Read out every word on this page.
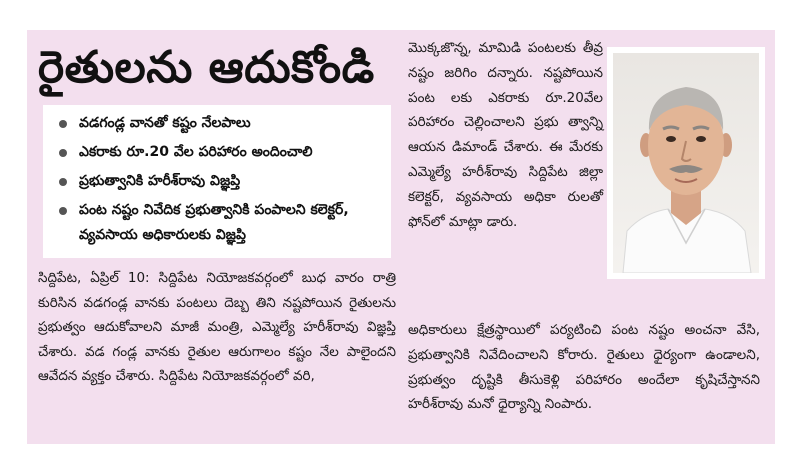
రైతులను ఆదుకోండి
వడగండ్ల వానతో కష్టం నేలపాలు
ఎకరాకు రూ.20 వేల పరిహారం అందించాలి
ప్రభుత్వానికి హరీశ్‌రావు విజ్ఞప్తి
పంట నష్టం నివేదిక ప్రభుత్వానికి పంపాలని కలెక్టర్, వ్యవసాయ అధికారులకు విజ్ఞప్తి
సిద్దిపేట, ఏప్రిల్ 10: సిద్దిపేట నియోజకవర్గంలో బుధ వారం రాత్రి కురిసిన వడగండ్ల వానకు పంటలు దెబ్బ తిని నష్టపోయిన రైతులను ప్రభుత్వం ఆదుకోవాలని మాజీ మంత్రి, ఎమ్మెల్యే హరీశ్‌రావు విజ్ఞప్తి చేశారు. వడ గండ్ల వానకు రైతుల ఆరుగాలం కష్టం నేల పాలైందని ఆవేదన వ్యక్తం చేశారు. సిద్దిపేట నియోజకవర్గంలో వరి,
మొక్కజొన్న, మామిడి పంటలకు తీవ్ర నష్టం జరిగిం దన్నారు. నష్టపోయిన పంట లకు ఎకరాకు రూ.20వేల పరిహారం చెల్లించాలని ప్రభు త్వాన్ని ఆయన డిమాండ్ చేశారు. ఈ మేరకు ఎమ్మెల్యే హరీశ్‌రావు సిద్దిపేట జిల్లా కలెక్టర్, వ్యవసాయ అధికా రులతో ఫోన్‌లో మాట్లా డారు.
అధికారులు క్షేత్రస్థాయిలో పర్యటించి పంట నష్టం అంచనా వేసి, ప్రభుత్వానికి నివేదించాలని కోరారు. రైతులు ధైర్యంగా ఉండాలని, ప్రభుత్వం దృష్టికి తీసుకెళ్లి పరిహారం అందేలా కృషిచేస్తానని హరీశ్‌రావు మనో ధైర్యాన్ని నింపారు.
